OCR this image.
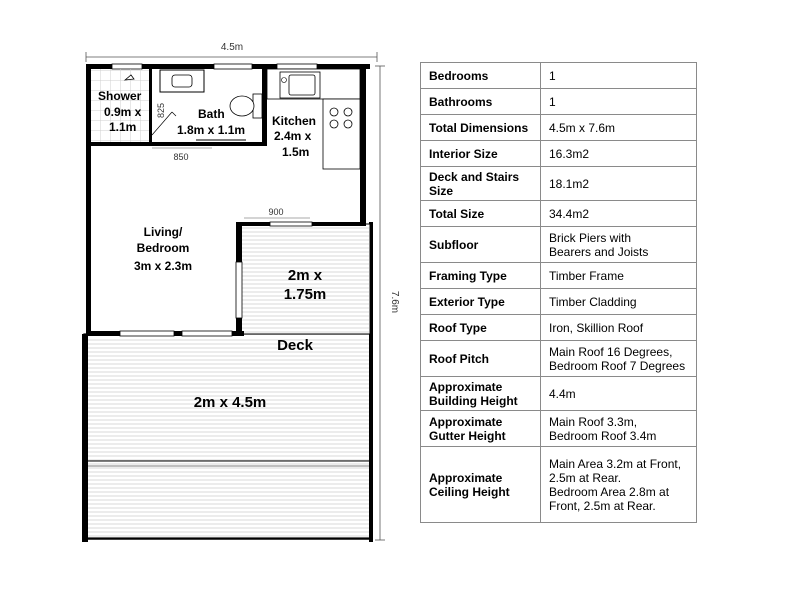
4.5m
7.6m
Shower
0.9m x
1.1m
Bath
1.8m x 1.1m
Kitchen
2.4m x
1.5m
Living/
Bedroom
3m x 2.3m
2m x
1.75m
Deck
2m x 4.5m
850
825
900
Bedrooms	1
Bathrooms	1
Total Dimensions	4.5m x 7.6m
Interior Size	16.3m2
Deck and Stairs Size	18.1m2
Total Size	34.4m2
Subfloor	Brick Piers with
Bearers and Joists
Framing Type	Timber Frame
Exterior Type	Timber Cladding
Roof Type	Iron, Skillion Roof
Roof Pitch	Main Roof 16 Degrees,
Bedroom Roof 7 Degrees
Approximate Building Height	4.4m
Approximate Gutter Height	Main Roof 3.3m,
Bedroom Roof 3.4m
Approximate Ceiling Height	Main Area 3.2m at Front,
2.5m at Rear.
Bedroom Area 2.8m at
Front, 2.5m at Rear.
